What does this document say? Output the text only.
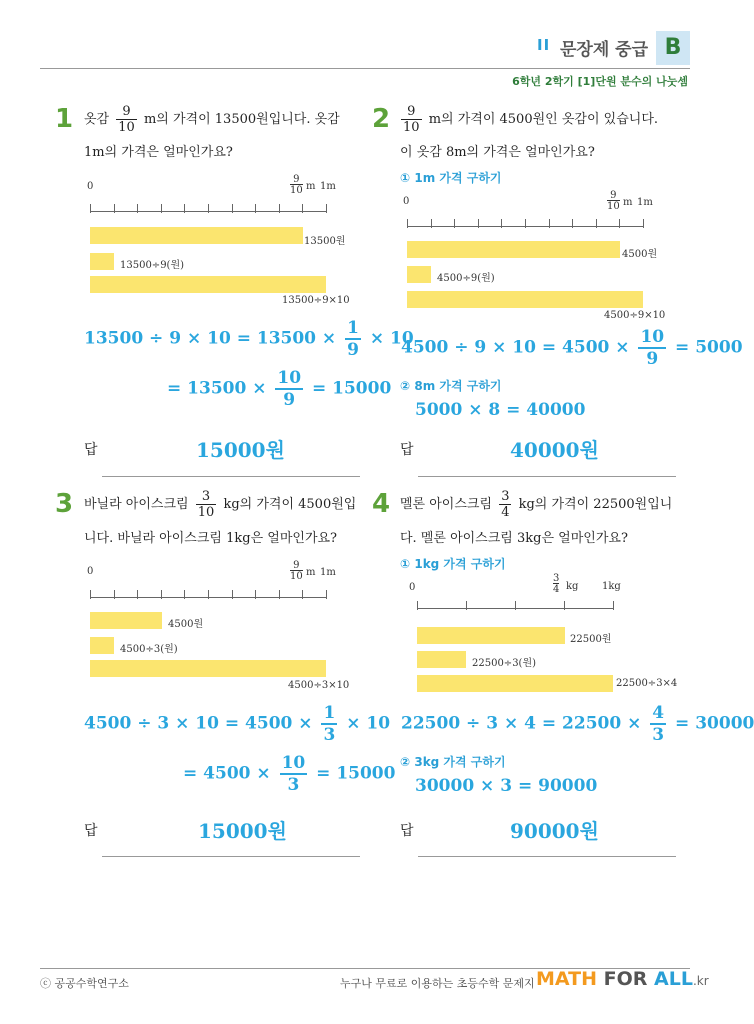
II 문장제 중급 B
6학년 2학기 [1]단원 분수의 나눗셈
1 옷감 $\frac{9}{10}$ m의 가격이 13500원입니다. 옷감
1m의 가격은 얼마인가요?
0	$\frac{9}{10}$ m 1m
13500원
13500÷9(원)
13500÷9×10
$13500 \div 9 \times 10 = 13500 \times \frac{1}{9} \times 10$
= $13500 \times \frac{10}{9} = 15000$
답	15000원
$2 \frac{9}{10}$ m의 가격이 4500원인 옷감이 있습니다.
이 옷감 8m의 가격은 얼마인가요?
① 1m 가격 구하기
0	$\frac{9}{10}$ m 1m
4500원
4500÷9(원)
4500÷9×10
$4500 \div 9 \times 10 = 4500 \times \frac{10}{9} = 5000$
② 8m 가격 구하기
5000 × 8 = 40000
답	40000원
3 바닐라 아이스크림 $\frac{3}{10}$ kg의 가격이 4500원입
니다. 바닐라 아이스크림 1kg은 얼마인가요?
0	$\frac{9}{10}$ m 1m
4500원
4500÷3(원)
4500÷3×10
$4500 \div 3 \times 10 = 4500 \times \frac{1}{3} \times 10$
= $4500 \times \frac{10}{3} = 15000$
답	15000원
4 멜론 아이스크림 $\frac{3}{4}$ kg의 가격이 22500원입니
다. 멜론 아이스크림 3kg은 얼마인가요?
① 1kg 가격 구하기
0	$\frac{3}{4}$ kg 1kg
22500원
22500÷3(원)
22500÷3×4
$22500 \div 3 \times 4 = 22500 \times \frac{4}{3} = 30000$
② 3kg 가격 구하기
30000 × 3 = 90000
답	90000원
ⓒ 공공수학연구소	누구나 무료로 이용하는 초등수학 문제지 MATH FOR ALL.kr
